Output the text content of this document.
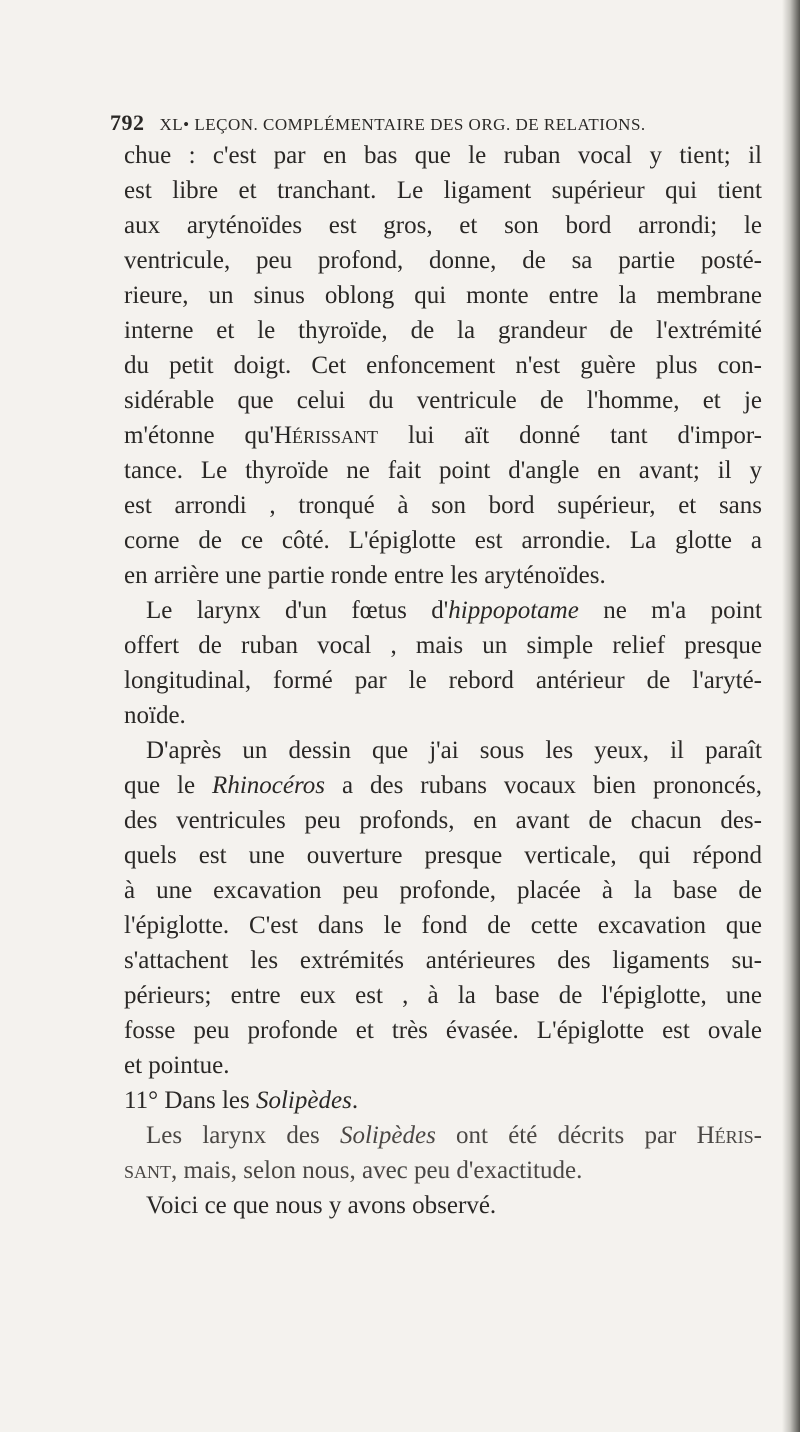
792 XL• LEÇON. COMPLÉMENTAIRE DES ORG. DE RELATIONS.
chue : c'est par en bas que le ruban vocal y tient; il
est libre et tranchant. Le ligament supérieur qui tient
aux aryténoïdes est gros, et son bord arrondi; le
ventricule, peu profond, donne, de sa partie posté-
rieure, un sinus oblong qui monte entre la membrane
interne et le thyroïde, de la grandeur de l'extrémité
du petit doigt. Cet enfoncement n'est guère plus con-
sidérable que celui du ventricule de l'homme, et je
m'étonne qu'Hérissant lui aït donné tant d'impor-
tance. Le thyroïde ne fait point d'angle en avant; il y
est arrondi , tronqué à son bord supérieur, et sans
corne de ce côté. L'épiglotte est arrondie. La glotte a
en arrière une partie ronde entre les aryténoïdes.
Le larynx d'un fœtus d'hippopotame ne m'a point
offert de ruban vocal , mais un simple relief presque
longitudinal, formé par le rebord antérieur de l'aryté-
noïde.
D'après un dessin que j'ai sous les yeux, il paraît
que le Rhinocéros a des rubans vocaux bien prononcés,
des ventricules peu profonds, en avant de chacun des-
quels est une ouverture presque verticale, qui répond
à une excavation peu profonde, placée à la base de
l'épiglotte. C'est dans le fond de cette excavation que
s'attachent les extrémités antérieures des ligaments su-
périeurs; entre eux est , à la base de l'épiglotte, une
fosse peu profonde et très évasée. L'épiglotte est ovale
et pointue.
11° Dans les Solipèdes.
Les larynx des Solipèdes ont été décrits par Héris-
sant, mais, selon nous, avec peu d'exactitude.
Voici ce que nous y avons observé.
